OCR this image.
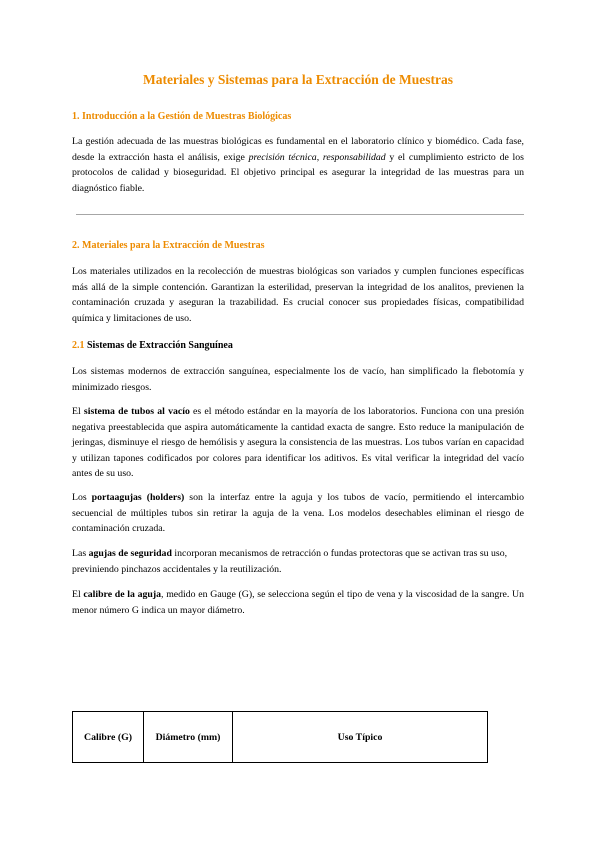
Materiales y Sistemas para la Extracción de Muestras
1. Introducción a la Gestión de Muestras Biológicas

La gestión adecuada de las muestras biológicas es fundamental en el laboratorio clínico y biomédico. Cada fase, desde la extracción hasta el análisis, exige precisión técnica, responsabilidad y el cumplimiento estricto de los protocolos de calidad y bioseguridad. El objetivo principal es asegurar la integridad de las muestras para un diagnóstico fiable.

2. Materiales para la Extracción de Muestras

Los materiales utilizados en la recolección de muestras biológicas son variados y cumplen funciones específicas más allá de la simple contención. Garantizan la esterilidad, preservan la integridad de los analitos, previenen la contaminación cruzada y aseguran la trazabilidad. Es crucial conocer sus propiedades físicas, compatibilidad química y limitaciones de uso.

2.1 Sistemas de Extracción Sanguínea

Los sistemas modernos de extracción sanguínea, especialmente los de vacío, han simplificado la flebotomía y minimizado riesgos.

El sistema de tubos al vacío es el método estándar en la mayoría de los laboratorios. Funciona con una presión negativa preestablecida que aspira automáticamente la cantidad exacta de sangre. Esto reduce la manipulación de jeringas, disminuye el riesgo de hemólisis y asegura la consistencia de las muestras. Los tubos varían en capacidad y utilizan tapones codificados por colores para identificar los aditivos. Es vital verificar la integridad del vacío antes de su uso.

Los portaagujas (holders) son la interfaz entre la aguja y los tubos de vacío, permitiendo el intercambio secuencial de múltiples tubos sin retirar la aguja de la vena. Los modelos desechables eliminan el riesgo de contaminación cruzada.

Las agujas de seguridad incorporan mecanismos de retracción o fundas protectoras que se activan tras su uso, previniendo pinchazos accidentales y la reutilización.

El calibre de la aguja, medido en Gauge (G), se selecciona según el tipo de vena y la viscosidad de la sangre. Un menor número G indica un mayor diámetro.

Calibre (G)	Diámetro (mm)	Uso Típico
